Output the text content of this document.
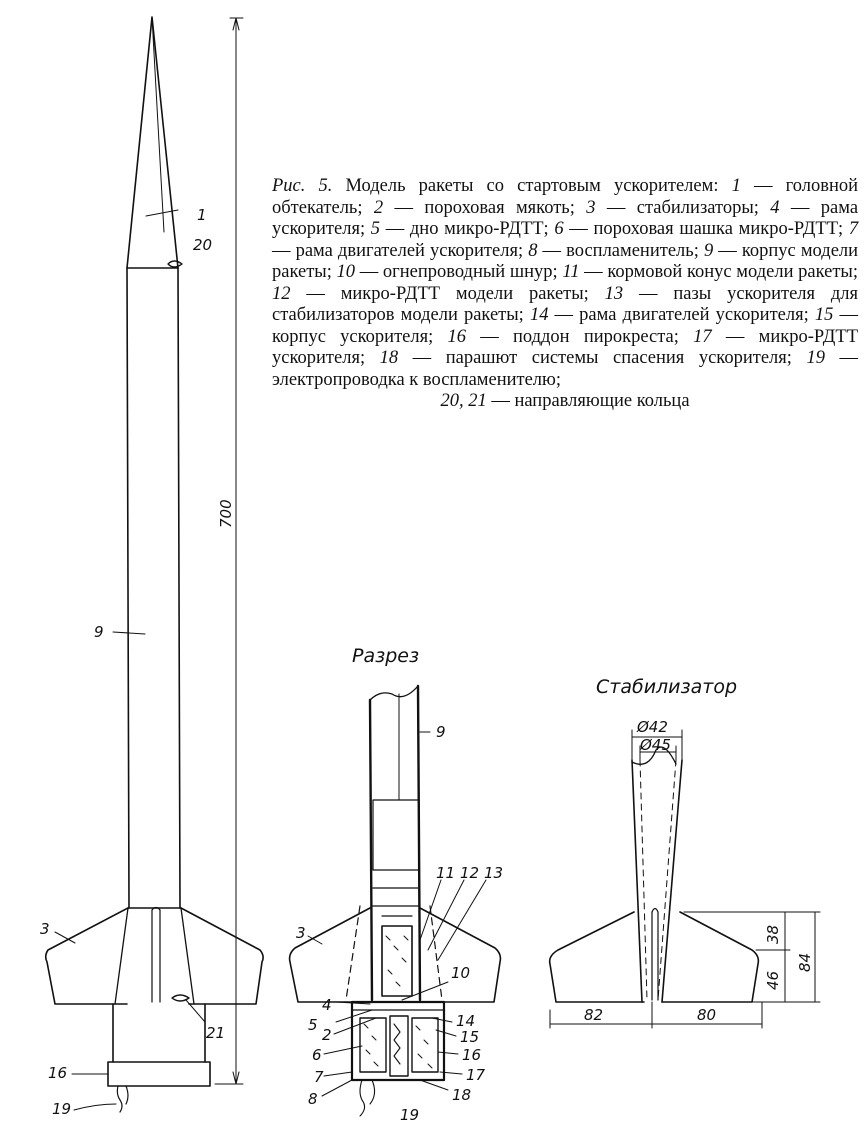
1
20
9
3
21
16
19
700
Разрез
9
3
11 12 13
10
4
5
2
6
7
8
14
15
16
17
18
19
Стабилизатор
Ø42
Ø45
38
46
84
82	80
Рис. 5. Модель ракеты со стартовым ускорителем: 1 — головной обтекатель; 2 — пороховая мякоть; 3 — стабилизаторы; 4 — рама ускорителя; 5 — дно микро-РДТТ; 6 — пороховая шашка микро-РДТТ; 7 — рама двигателей ускорителя; 8 — воспламенитель; 9 — корпус модели ракеты; 10 — огнепроводный шнур; 11 — кормовой конус модели ракеты; 12 — микро-РДТТ модели ракеты; 13 — пазы ускорителя для стабилизаторов модели ракеты; 14 — рама двигателей ускорителя; 15 — корпус ускорителя; 16 — поддон пирокреста; 17 — микро-РДТТ ускорителя; 18 — парашют системы спасения ускорителя; 19 — электропроводка к воспламенителю;
20, 21 — направляющие кольца
